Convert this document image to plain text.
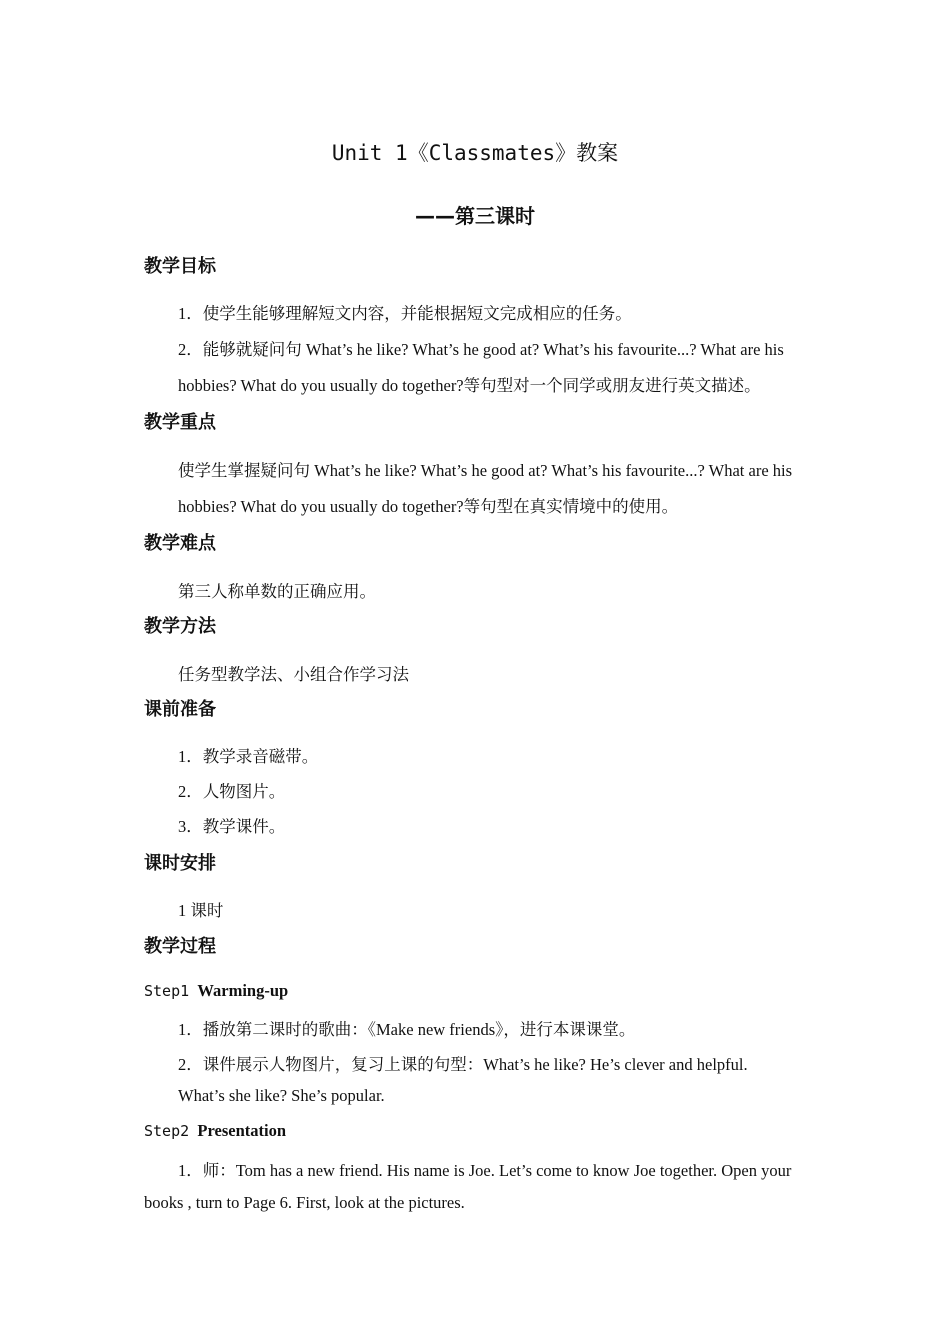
Unit 1《Classmates》教案
——第三课时
教学目标
1．使学生能够理解短文内容，并能根据短文完成相应的任务。
2．能够就疑问句 What’s he like? What’s he good at? What’s his favourite...? What are his
hobbies? What do you usually do together?等句型对一个同学或朋友进行英文描述。
教学重点
使学生掌握疑问句 What’s he like? What’s he good at? What’s his favourite...? What are his
hobbies? What do you usually do together?等句型在真实情境中的使用。
教学难点
第三人称单数的正确应用。
教学方法
任务型教学法、小组合作学习法
课前准备
1．教学录音磁带。
2．人物图片。
3．教学课件。
课时安排
1 课时
教学过程
Step1 Warming-up
1．播放第二课时的歌曲：《Make new friends》，进行本课课堂。
2．课件展示人物图片，复习上课的句型：What’s he like? He’s clever and helpful.
What’s she like? She’s popular.
Step2 Presentation
1．师：Tom has a new friend. His name is Joe. Let’s come to know Joe together. Open your
books , turn to Page 6. First, look at the pictures.
